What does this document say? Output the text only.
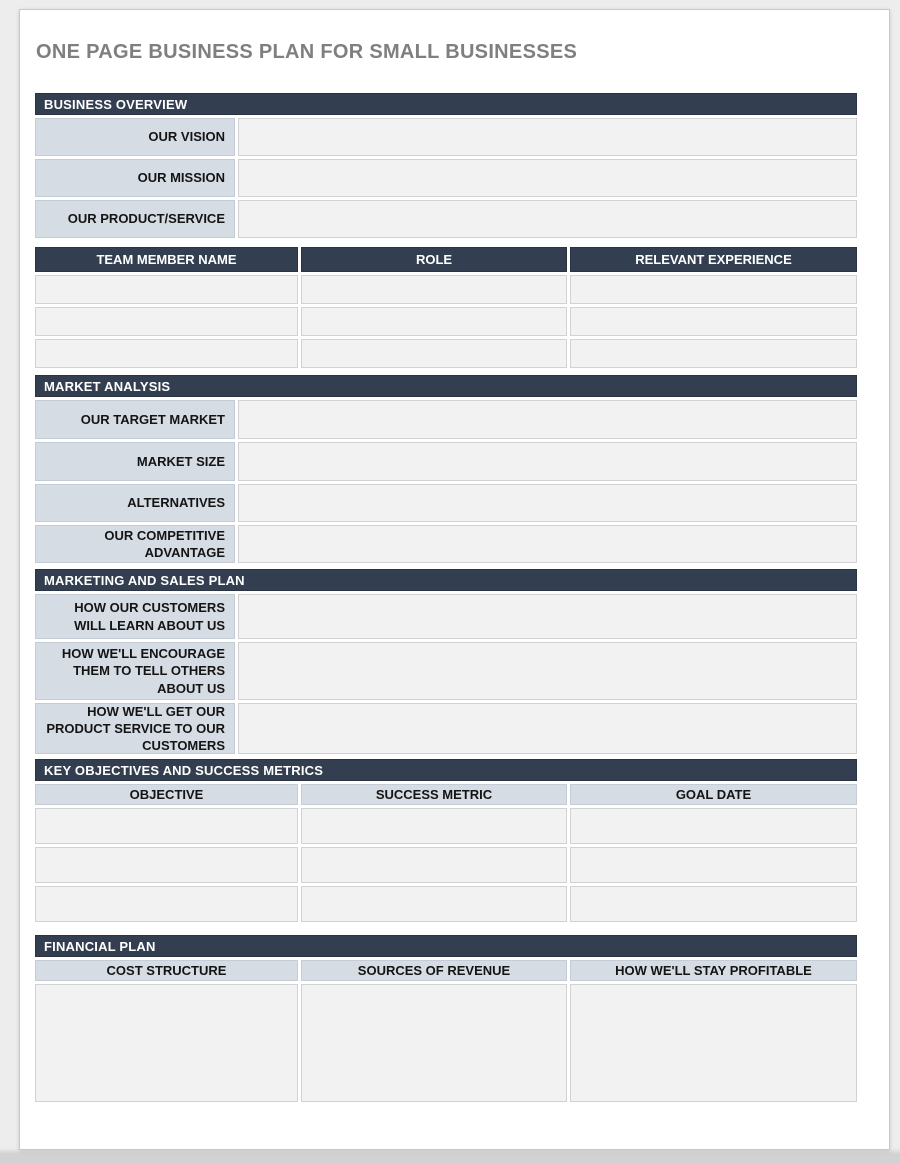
ONE PAGE BUSINESS PLAN FOR SMALL BUSINESSES
BUSINESS OVERVIEW
OUR VISION
OUR MISSION
OUR PRODUCT/SERVICE
TEAM MEMBER NAME	ROLE	RELEVANT EXPERIENCE
MARKET ANALYSIS
OUR TARGET MARKET
MARKET SIZE
ALTERNATIVES
OUR COMPETITIVE ADVANTAGE
MARKETING AND SALES PLAN
HOW OUR CUSTOMERS WILL LEARN ABOUT US
HOW WE'LL ENCOURAGE THEM TO TELL OTHERS ABOUT US
HOW WE'LL GET OUR PRODUCT SERVICE TO OUR CUSTOMERS
KEY OBJECTIVES AND SUCCESS METRICS
OBJECTIVE	SUCCESS METRIC	GOAL DATE
FINANCIAL PLAN
COST STRUCTURE	SOURCES OF REVENUE	HOW WE'LL STAY PROFITABLE
